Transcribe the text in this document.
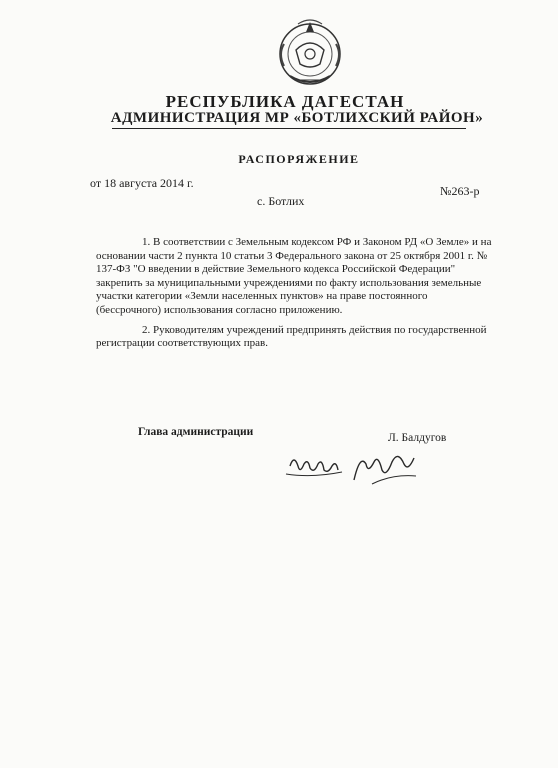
РЕСПУБЛИКА ДАГЕСТАН
АДМИНИСТРАЦИЯ МР «БОТЛИХСКИЙ РАЙОН»
РАСПОРЯЖЕНИЕ
от 18 августа 2014 г.
№263-р
с. Ботлих

1. В соответствии с Земельным кодексом РФ и Законом РД «О Земле» и на основании части 2 пункта 10 статьи 3 Федерального закона от 25 октября 2001 г. № 137-ФЗ "О введении в действие Земельного кодекса Российской Федерации" закрепить за муниципальными учреждениями по факту использования земельные участки категории «Земли населенных пунктов» на праве постоянного (бессрочного) использования согласно приложению.

2. Руководителям учреждений предпринять действия по государственной регистрации соответствующих прав.

Глава администрации	Л. Балдугов
